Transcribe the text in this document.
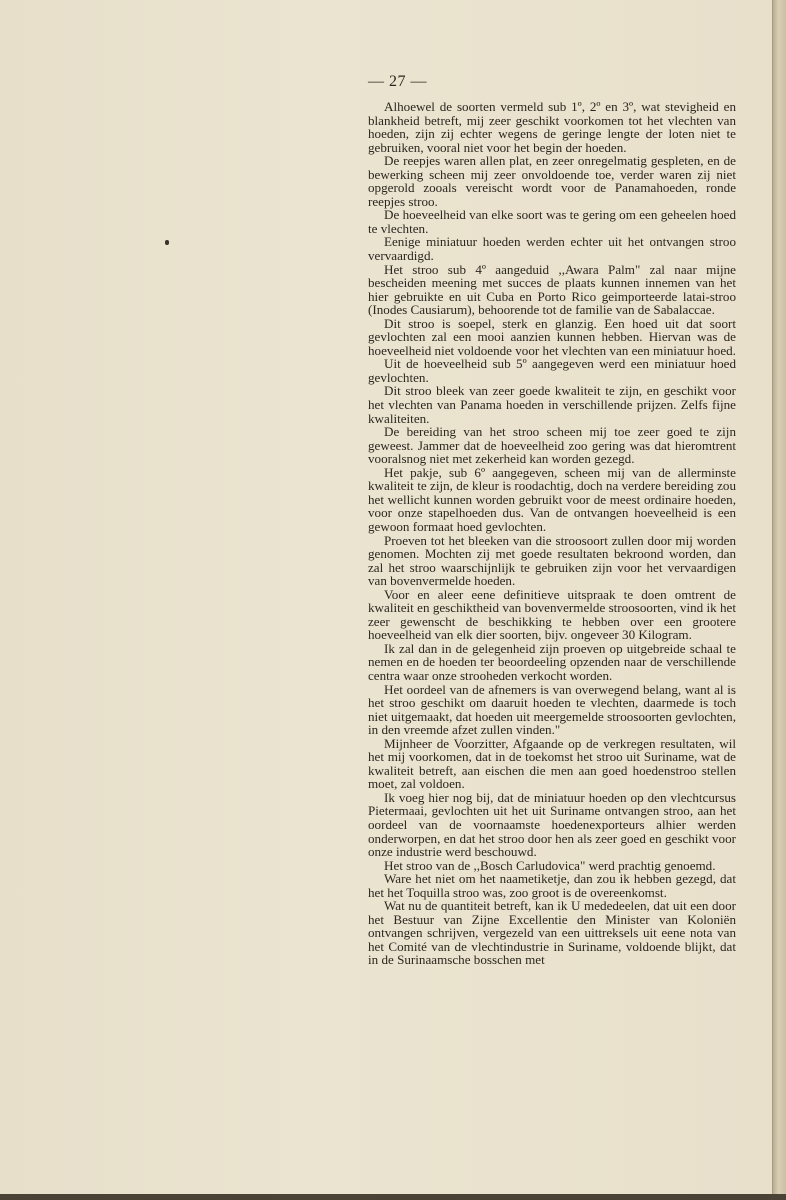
— 27 —

Alhoewel de soorten vermeld sub 1º, 2º en 3º, wat stevigheid en blankheid betreft, mij zeer geschikt voorkomen tot het vlechten van hoeden, zijn zij echter wegens de geringe lengte der loten niet te gebruiken, vooral niet voor het begin der hoeden.

De reepjes waren allen plat, en zeer onregelmatig gespleten, en de bewerking scheen mij zeer onvoldoende toe, verder waren zij niet opgerold zooals vereischt wordt voor de Panamahoeden, ronde reepjes stroo.

De hoeveelheid van elke soort was te gering om een geheelen hoed te vlechten.

Eenige miniatuur hoeden werden echter uit het ontvangen stroo vervaardigd.

Het stroo sub 4º aangeduid ,,Awara Palm" zal naar mijne bescheiden meening met succes de plaats kunnen innemen van het hier gebruikte en uit Cuba en Porto Rico geimporteerde latai-stroo (Inodes Causiarum), behoorende tot de familie van de Sabalaccae.

Dit stroo is soepel, sterk en glanzig. Een hoed uit dat soort gevlochten zal een mooi aanzien kunnen hebben. Hiervan was de hoeveelheid niet voldoende voor het vlechten van een miniatuur hoed.

Uit de hoeveelheid sub 5º aangegeven werd een miniatuur hoed gevlochten.

Dit stroo bleek van zeer goede kwaliteit te zijn, en geschikt voor het vlechten van Panama hoeden in verschillende prijzen. Zelfs fijne kwaliteiten.

De bereiding van het stroo scheen mij toe zeer goed te zijn geweest. Jammer dat de hoeveelheid zoo gering was dat hieromtrent vooralsnog niet met zekerheid kan worden gezegd.

Het pakje, sub 6º aangegeven, scheen mij van de allerminste kwaliteit te zijn, de kleur is roodachtig, doch na verdere bereiding zou het wellicht kunnen worden gebruikt voor de meest ordinaire hoeden, voor onze stapelhoeden dus. Van de ontvangen hoeveelheid is een gewoon formaat hoed gevlochten.

Proeven tot het bleeken van die stroosoort zullen door mij worden genomen. Mochten zij met goede resultaten bekroond worden, dan zal het stroo waarschijnlijk te gebruiken zijn voor het vervaardigen van bovenvermelde hoeden.

Voor en aleer eene definitieve uitspraak te doen omtrent de kwaliteit en geschiktheid van bovenvermelde stroosoorten, vind ik het zeer gewenscht de beschikking te hebben over een grootere hoeveelheid van elk dier soorten, bijv. ongeveer 30 Kilogram.

Ik zal dan in de gelegenheid zijn proeven op uitgebreide schaal te nemen en de hoeden ter beoordeeling opzenden naar de verschillende centra waar onze strooheden verkocht worden.

Het oordeel van de afnemers is van overwegend belang, want al is het stroo geschikt om daaruit hoeden te vlechten, daarmede is toch niet uitgemaakt, dat hoeden uit meergemelde stroosoorten gevlochten, in den vreemde afzet zullen vinden."

Mijnheer de Voorzitter, Afgaande op de verkregen resultaten, wil het mij voorkomen, dat in de toekomst het stroo uit Suriname, wat de kwaliteit betreft, aan eischen die men aan goed hoedenstroo stellen moet, zal voldoen.

Ik voeg hier nog bij, dat de miniatuur hoeden op den vlechtcursus Pietermaai, gevlochten uit het uit Suriname ontvangen stroo, aan het oordeel van de voornaamste hoedenexporteurs alhier werden onderworpen, en dat het stroo door hen als zeer goed en geschikt voor onze industrie werd beschouwd.

Het stroo van de ,,Bosch Carludovica" werd prachtig genoemd.

Ware het niet om het naametiketje, dan zou ik hebben gezegd, dat het het Toquilla stroo was, zoo groot is de overeenkomst.

Wat nu de quantiteit betreft, kan ik U mededeelen, dat uit een door het Bestuur van Zijne Excellentie den Minister van Koloniën ontvangen schrijven, vergezeld van een uittreksels uit eene nota van het Comité van de vlechtindustrie in Suriname, voldoende blijkt, dat in de Surinaamsche bosschen met
